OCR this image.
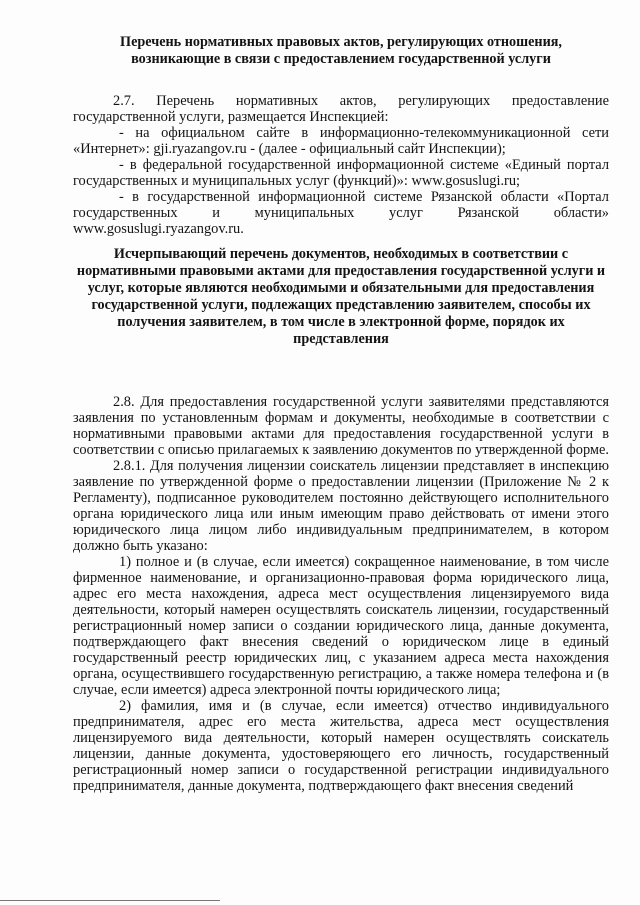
Перечень нормативных правовых актов, регулирующих отношения, возникающие в связи с предоставлением государственной услуги

2.7. Перечень нормативных актов, регулирующих предоставление государственной услуги, размещается Инспекцией:

- на официальном сайте в информационно-телекоммуникационной сети «Интернет»: gji.ryazangov.ru - (далее - официальный сайт Инспекции);

- в федеральной государственной информационной системе «Единый портал государственных и муниципальных услуг (функций)»: www.gosuslugi.ru;

- в государственной информационной системе Рязанской области «Портал государственных и муниципальных услуг Рязанской области» www.gosuslugi.ryazangov.ru.

Исчерпывающий перечень документов, необходимых в соответствии с нормативными правовыми актами для предоставления государственной услуги и услуг, которые являются необходимыми и обязательными для предоставления государственной услуги, подлежащих представлению заявителем, способы их получения заявителем, в том числе в электронной форме, порядок их представления

2.8. Для предоставления государственной услуги заявителями представляются заявления по установленным формам и документы, необходимые в соответствии с нормативными правовыми актами для предоставления государственной услуги в соответствии с описью прилагаемых к заявлению документов по утвержденной форме.

2.8.1. Для получения лицензии соискатель лицензии представляет в инспекцию заявление по утвержденной форме о предоставлении лицензии (Приложение № 2 к Регламенту), подписанное руководителем постоянно действующего исполнительного органа юридического лица или иным имеющим право действовать от имени этого юридического лица лицом либо индивидуальным предпринимателем, в котором должно быть указано:

1) полное и (в случае, если имеется) сокращенное наименование, в том числе фирменное наименование, и организационно-правовая форма юридического лица, адрес его места нахождения, адреса мест осуществления лицензируемого вида деятельности, который намерен осуществлять соискатель лицензии, государственный регистрационный номер записи о создании юридического лица, данные документа, подтверждающего факт внесения сведений о юридическом лице в единый государственный реестр юридических лиц, с указанием адреса места нахождения органа, осуществившего государственную регистрацию, а также номера телефона и (в случае, если имеется) адреса электронной почты юридического лица;

2) фамилия, имя и (в случае, если имеется) отчество индивидуального предпринимателя, адрес его места жительства, адреса мест осуществления лицензируемого вида деятельности, который намерен осуществлять соискатель лицензии, данные документа, удостоверяющего его личность, государственный регистрационный номер записи о государственной регистрации индивидуального предпринимателя, данные документа, подтверждающего факт внесения сведений
